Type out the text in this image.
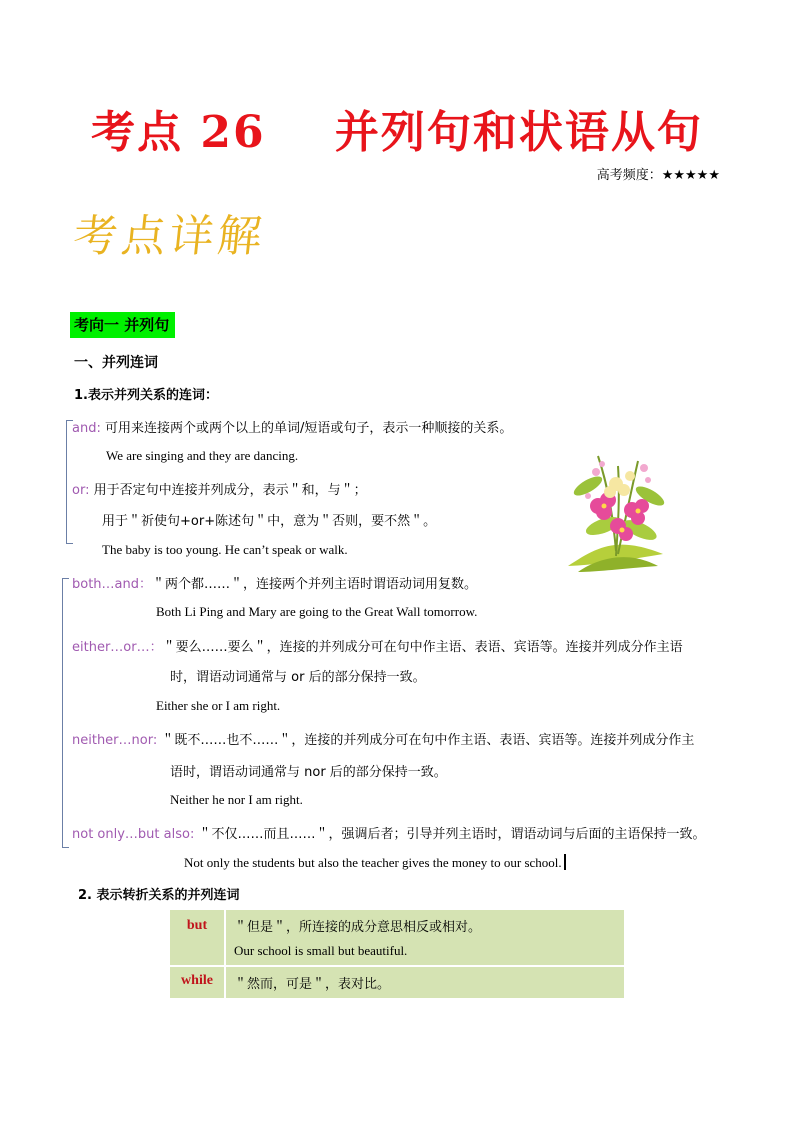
考点 26    并列句和状语从句
高考频度：★★★★★
考点详解
考向一 并列句
一、并列连词
1.表示并列关系的连词：
and: 可用来连接两个或两个以上的单词/短语或句子，表示一种顺接的关系。
We are singing and they are dancing.
or: 用于否定句中连接并列成分，表示＂和，与＂；
用于＂祈使句+or+陈述句＂中，意为＂否则，要不然＂。
The baby is too young. He can’t speak or walk.
both…and：＂两个都……＂，连接两个并列主语时谓语动词用复数。
Both Li Ping and Mary are going to the Great Wall tomorrow.
either…or…：＂要么……要么＂，连接的并列成分可在句中作主语、表语、宾语等。连接并列成分作主语
时，谓语动词通常与 or 后的部分保持一致。
Either she or I am right.
neither…nor: ＂既不……也不……＂，连接的并列成分可在句中作主语、表语、宾语等。连接并列成分作主
语时，谓语动词通常与 nor 后的部分保持一致。
Neither he nor I am right.
not only…but also: ＂不仅……而且……＂，强调后者；引导并列主语时，谓语动词与后面的主语保持一致。
Not only the students but also the teacher gives the money to our school.
2. 表示转折关系的并列连词
but	＂但是＂，所连接的成分意思相反或相对。
Our school is small but beautiful.

while	＂然而，可是＂，表对比。
